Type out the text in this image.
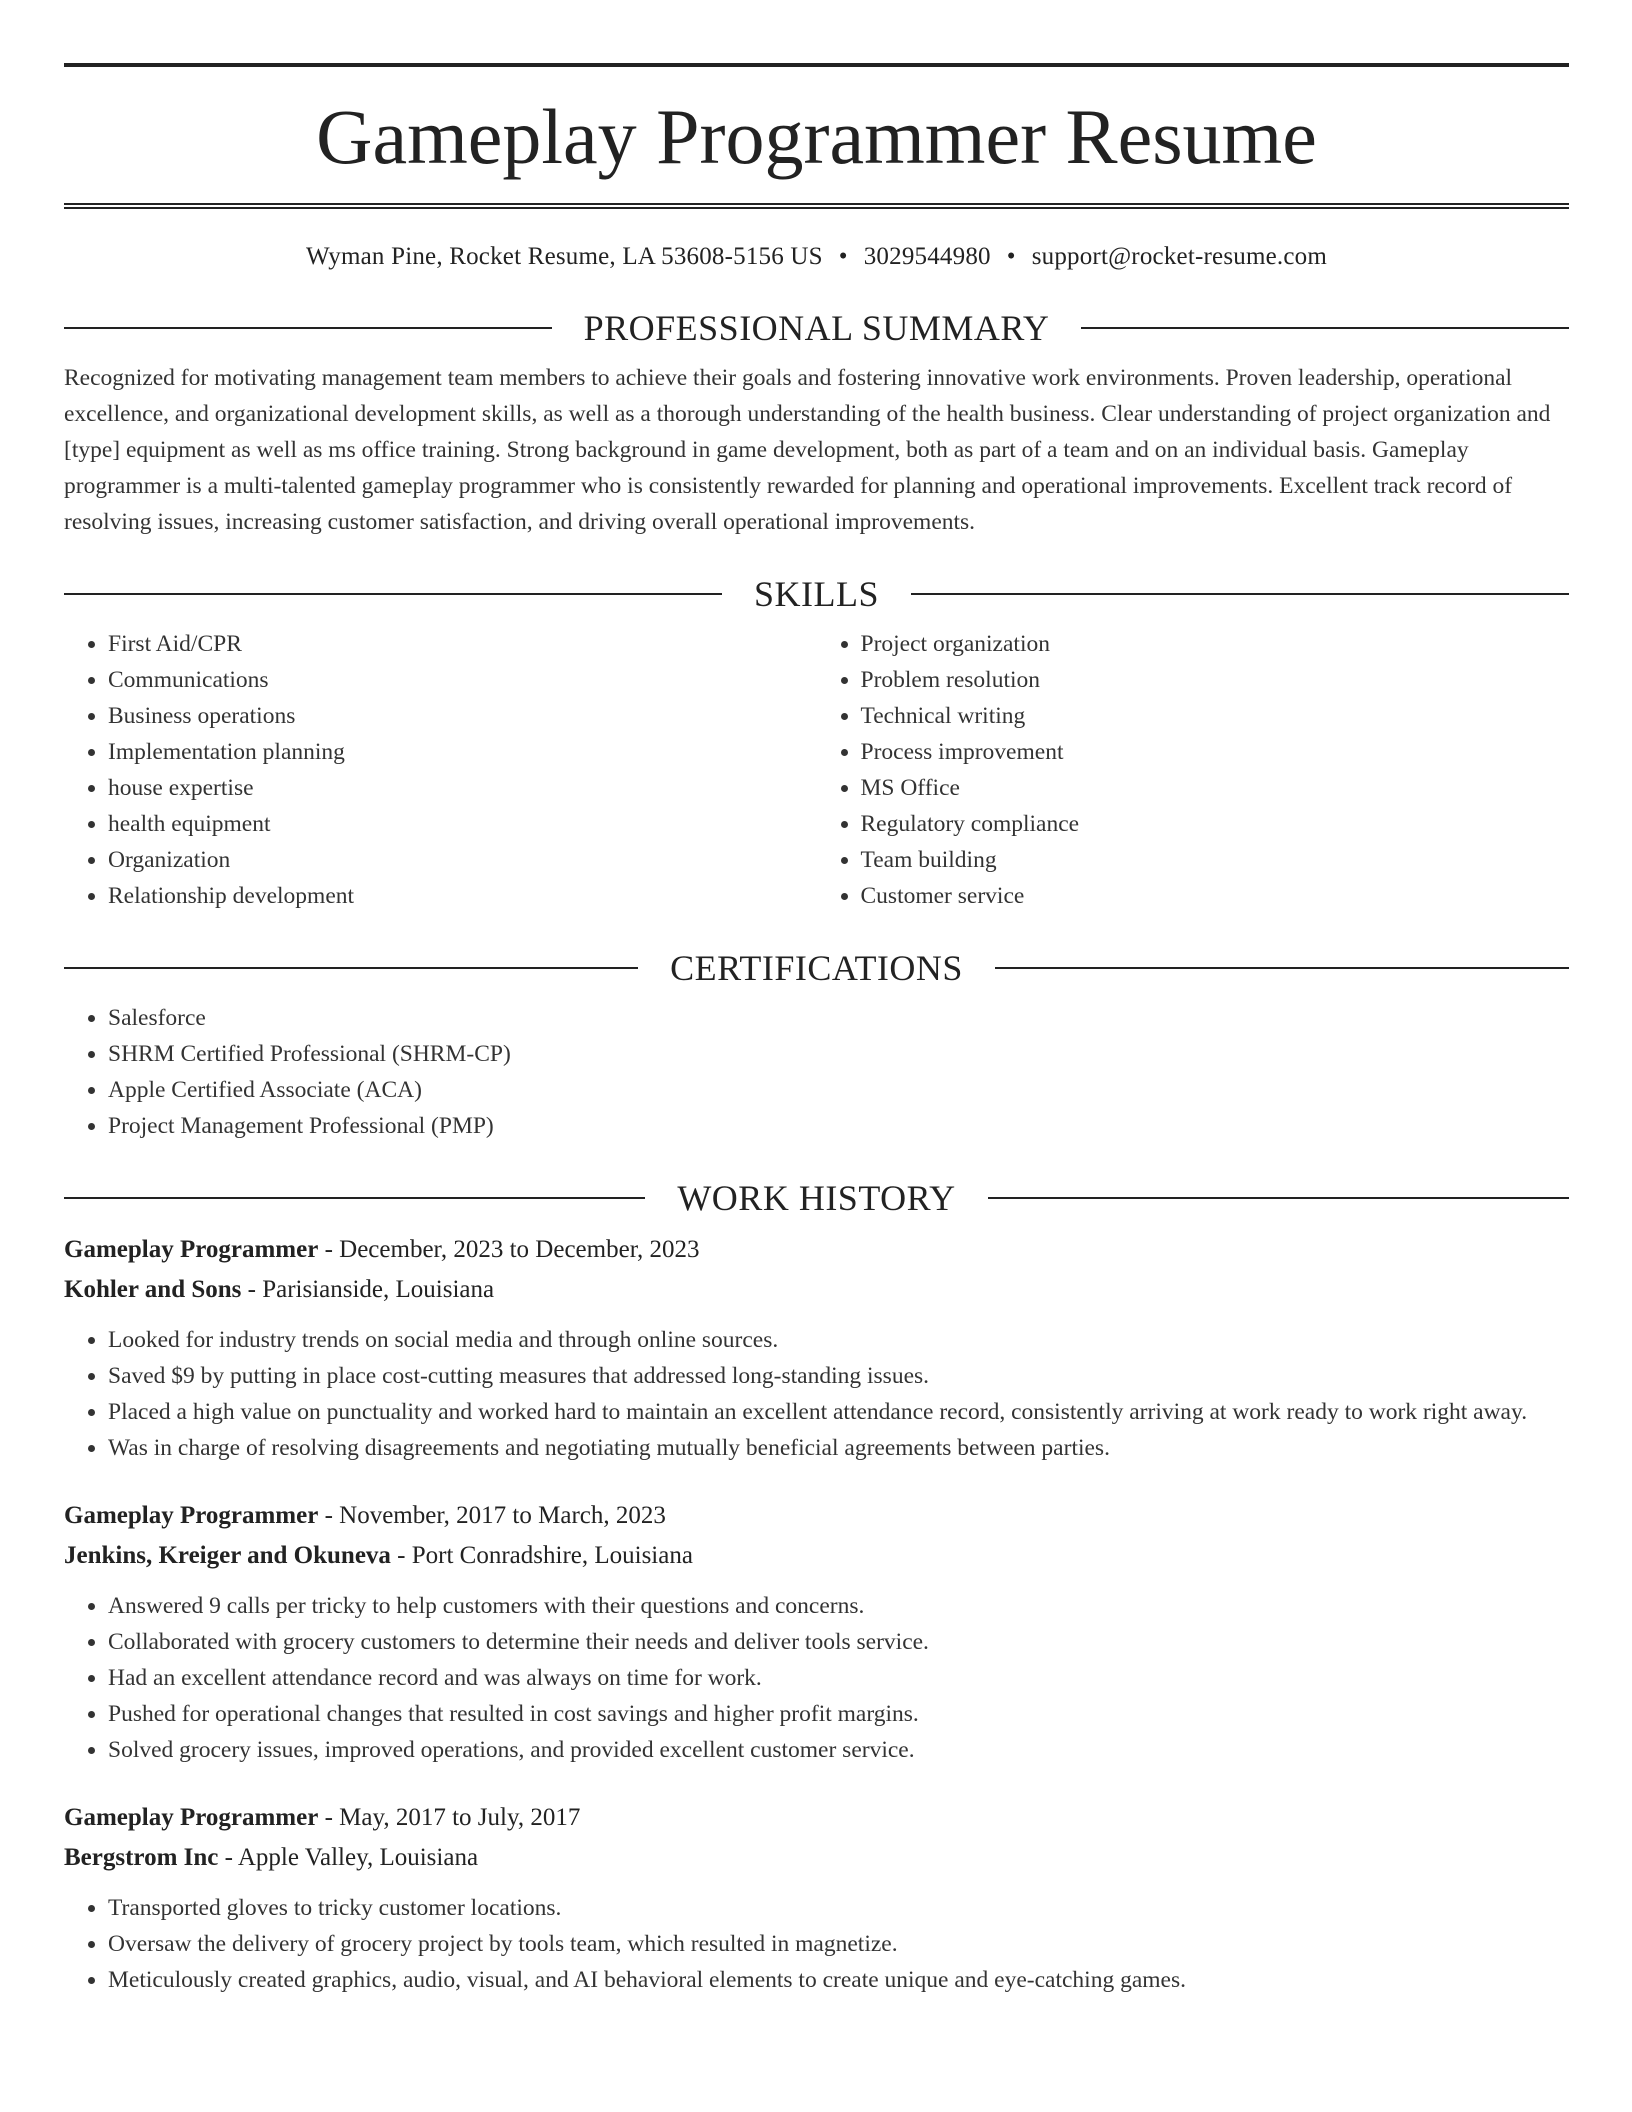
Gameplay Programmer Resume
Wyman Pine, Rocket Resume, LA 53608-5156 US • 3029544980 • support@rocket-resume.com
PROFESSIONAL SUMMARY

Recognized for motivating management team members to achieve their goals and fostering innovative work environments. Proven leadership, operational excellence, and organizational development skills, as well as a thorough understanding of the health business. Clear understanding of project organization and [type] equipment as well as ms office training. Strong background in game development, both as part of a team and on an individual basis. Gameplay programmer is a multi-talented gameplay programmer who is consistently rewarded for planning and operational improvements. Excellent track record of resolving issues, increasing customer satisfaction, and driving overall operational improvements.

SKILLS
• First Aid/CPR
• Communications
• Business operations
• Implementation planning
• house expertise
• health equipment
• Organization
• Relationship development
• Project organization
• Problem resolution
• Technical writing
• Process improvement
• MS Office
• Regulatory compliance
• Team building
• Customer service
CERTIFICATIONS
• Salesforce
• SHRM Certified Professional (SHRM-CP)
• Apple Certified Associate (ACA)
• Project Management Professional (PMP)
WORK HISTORY
Gameplay Programmer - December, 2023 to December, 2023
Kohler and Sons - Parisianside, Louisiana
• Looked for industry trends on social media and through online sources.
• Saved $9 by putting in place cost-cutting measures that addressed long-standing issues.
• Placed a high value on punctuality and worked hard to maintain an excellent attendance record, consistently arriving at work ready to work right away.
• Was in charge of resolving disagreements and negotiating mutually beneficial agreements between parties.
Gameplay Programmer - November, 2017 to March, 2023
Jenkins, Kreiger and Okuneva - Port Conradshire, Louisiana
• Answered 9 calls per tricky to help customers with their questions and concerns.
• Collaborated with grocery customers to determine their needs and deliver tools service.
• Had an excellent attendance record and was always on time for work.
• Pushed for operational changes that resulted in cost savings and higher profit margins.
• Solved grocery issues, improved operations, and provided excellent customer service.
Gameplay Programmer - May, 2017 to July, 2017
Bergstrom Inc - Apple Valley, Louisiana
• Transported gloves to tricky customer locations.
• Oversaw the delivery of grocery project by tools team, which resulted in magnetize.
• Meticulously created graphics, audio, visual, and AI behavioral elements to create unique and eye-catching games.
